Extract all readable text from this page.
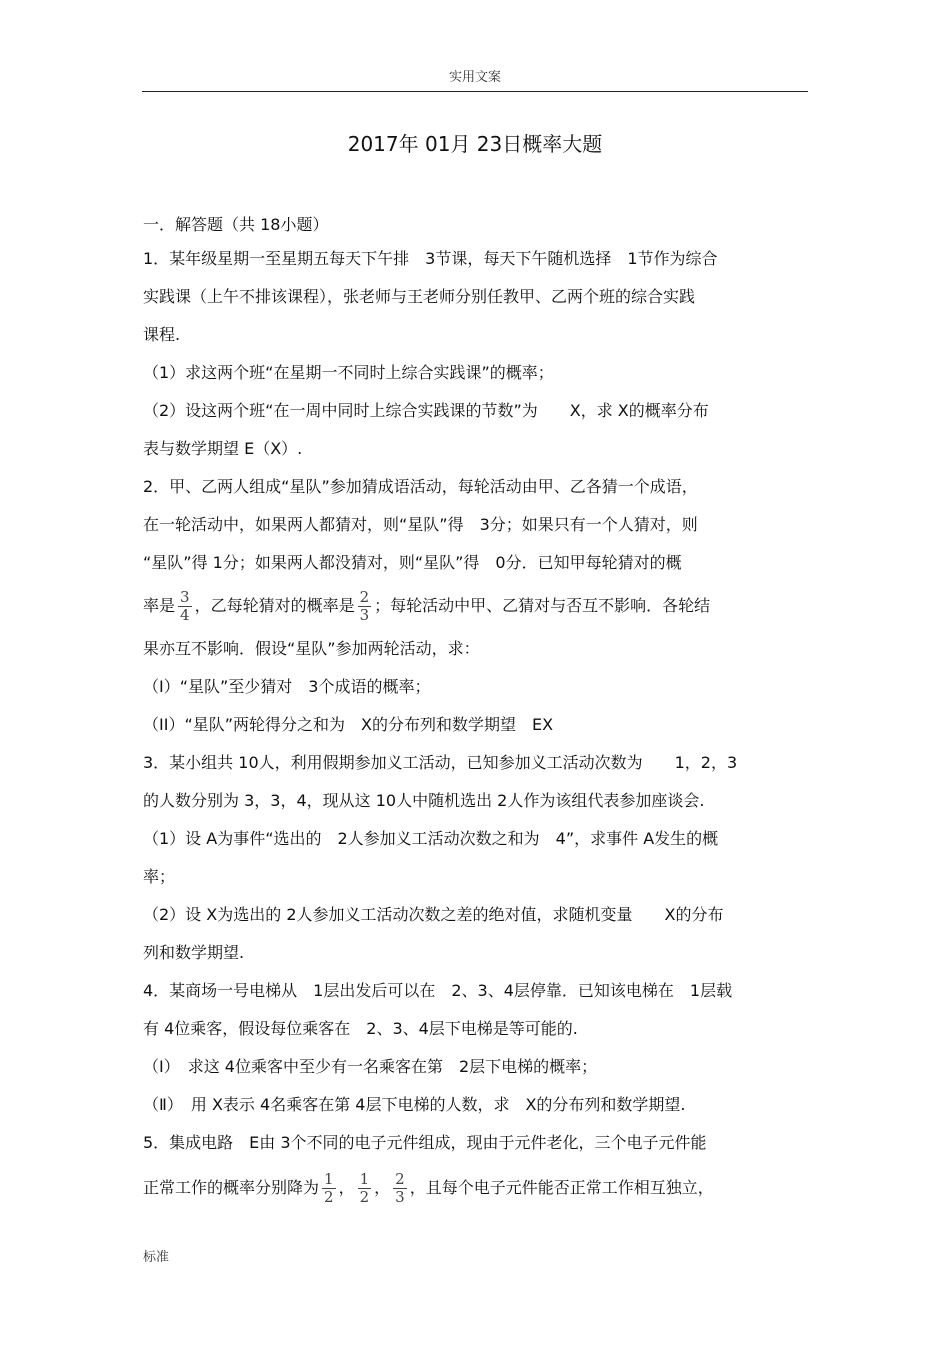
实用文案
2017年 01月 23日概率大题
一．解答题（共 18小题）
1．某年级星期一至星期五每天下午排　3节课，每天下午随机选择　1节作为综合
实践课（上午不排该课程），张老师与王老师分别任教甲、乙两个班的综合实践
课程.
（1）求这两个班“在星期一不同时上综合实践课”的概率；
（2）设这两个班“在一周中同时上综合实践课的节数”为　　X，求 X的概率分布
表与数学期望 E（X）.
2．甲、乙两人组成“星队”参加猜成语活动，每轮活动由甲、乙各猜一个成语，
在一轮活动中，如果两人都猜对，则“星队”得　3分；如果只有一个人猜对，则
“星队”得 1分；如果两人都没猜对，则“星队”得　0分．已知甲每轮猜对的概
率是 $\frac{3}{4}$ ，乙每轮猜对的概率是 $\frac{2}{3}$ ；每轮活动中甲、乙猜对与否互不影响．各轮结
果亦互不影响．假设“星队”参加两轮活动，求：
（I）“星队”至少猜对　3个成语的概率；
（II）“星队”两轮得分之和为　X的分布列和数学期望　EX
3．某小组共 10人，利用假期参加义工活动，已知参加义工活动次数为　　1，2，3
的人数分别为 3，3，4，现从这 10人中随机选出 2人作为该组代表参加座谈会.
（1）设 A为事件“选出的　2人参加义工活动次数之和为　4”，求事件 A发生的概
率；
（2）设 X为选出的 2人参加义工活动次数之差的绝对值，求随机变量　　X的分布
列和数学期望.
4．某商场一号电梯从　1层出发后可以在　2、3、4层停靠．已知该电梯在　1层载
有 4位乘客，假设每位乘客在　2、3、4层下电梯是等可能的.
（Ⅰ）　求这 4位乘客中至少有一名乘客在第　2层下电梯的概率；
（Ⅱ）　用 X表示 4名乘客在第 4层下电梯的人数，求　X的分布列和数学期望.
5．集成电路　E由 3个不同的电子元件组成，现由于元件老化，三个电子元件能
正常工作的概率分别降为 $\frac{1}{2}$ ， $\frac{1}{2}$ ， $\frac{2}{3}$ ，且每个电子元件能否正常工作相互独立，
标准
